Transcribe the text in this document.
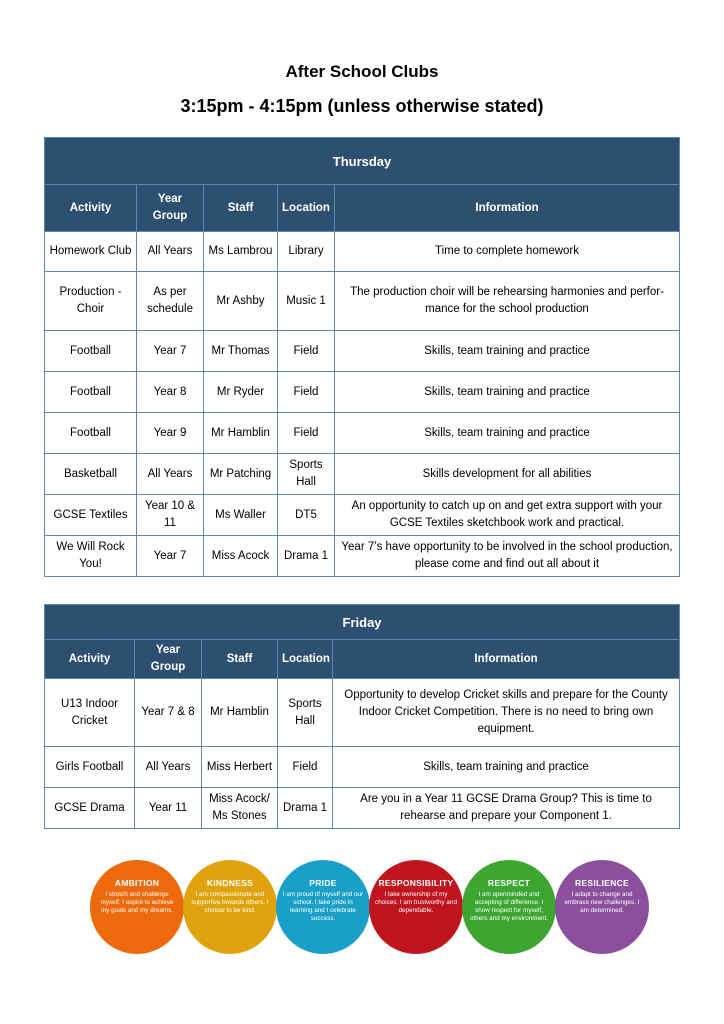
After School Clubs
3:15pm - 4:15pm (unless otherwise stated)
Thursday				
Activity	Year Group	Staff	Location	Information
Homework Club	All Years	Ms Lambrou	Library	Time to complete homework
Production - Choir	As per schedule	Mr Ashby	Music 1	The production choir will be rehearsing harmonies and perfor- mance for the school production
Football	Year 7	Mr Thomas	Field	Skills, team training and practice
Football	Year 8	Mr Ryder	Field	Skills, team training and practice
Football	Year 9	Mr Hamblin	Field	Skills, team training and practice
Basketball	All Years	Mr Patching	Sports Hall	Skills development for all abilities
GCSE Textiles	Year 10 & 11	Ms Waller	DT5	An opportunity to catch up on and get extra support with your GCSE Textiles sketchbook work and practical.
We Will Rock You!	Year 7	Miss Acock	Drama 1	Year 7’s have opportunity to be involved in the school production, please come and find out all about it
Friday				
Activity	Year Group	Staff	Location	Information
U13 Indoor Cricket	Year 7 & 8	Mr Hamblin	Sports Hall	Opportunity to develop Cricket skills and prepare for the County Indoor Cricket Competition. There is no need to bring own equipment.
Girls Football	All Years	Miss Herbert	Field	Skills, team training and practice
GCSE Drama	Year 11	Miss Acock/ Ms Stones	Drama 1	Are you in a Year 11 GCSE Drama Group? This is time to rehearse and prepare your Component 1.
AMBITION
I stretch and challenge myself. I aspire to achieve my goals and my dreams.
KINDNESS
I am compassionate and supportive towards others. I choose to be kind.
PRIDE
I am proud of myself and our school. I take pride in learning and I celebrate success.
RESPONSIBILITY
I take ownership of my choices. I am trustworthy and dependable.
RESPECT
I am openminded and accepting of difference. I show respect for myself, others and my environment.
RESILIENCE
I adapt to change and embrace new challenges. I am determined.
